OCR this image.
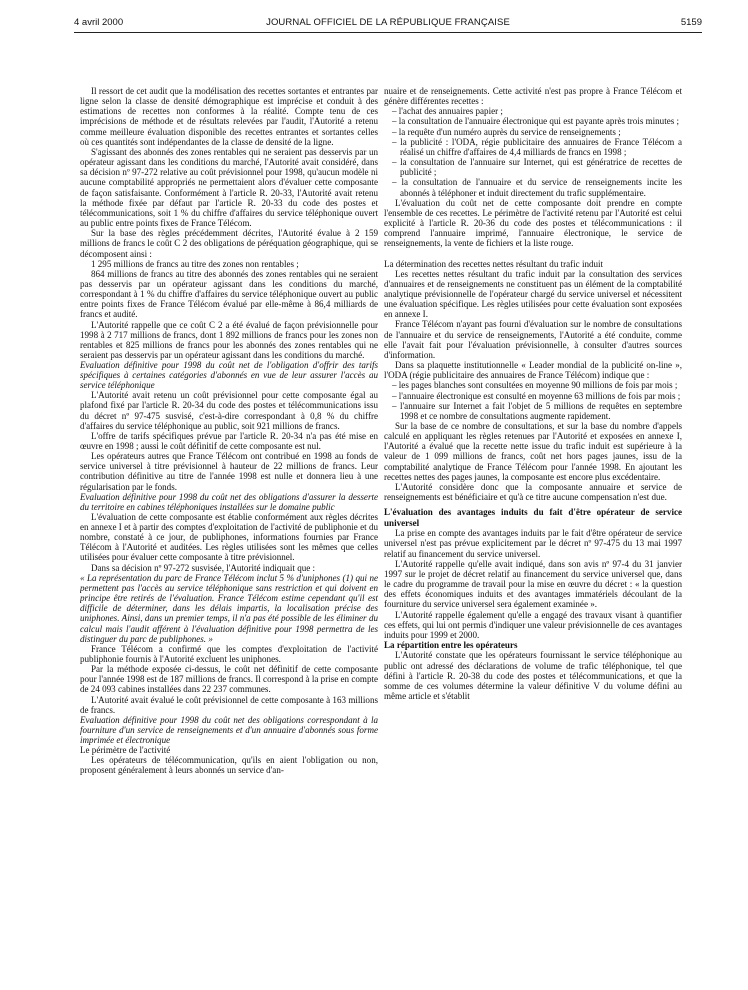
4 avril 2000	JOURNAL OFFICIEL DE LA RÉPUBLIQUE FRANÇAISE	5159

Il ressort de cet audit que la modélisation des recettes sortantes et entrantes par ligne selon la classe de densité démographique est imprécise et conduit à des estimations de recettes non conformes à la réalité. Compte tenu de ces imprécisions de méthode et de résultats relevées par l'audit, l'Autorité a retenu comme meilleure évaluation disponible des recettes entrantes et sortantes celles où ces quantités sont indépendantes de la classe de densité de la ligne.

S'agissant des abonnés des zones rentables qui ne seraient pas desservis par un opérateur agissant dans les conditions du marché, l'Autorité avait considéré, dans sa décision nº 97-272 relative au coût prévisionnel pour 1998, qu'aucun modèle ni aucune comptabilité appropriés ne permettaient alors d'évaluer cette composante de façon satisfaisante. Conformément à l'article R. 20-33, l'Autorité avait retenu la méthode fixée par défaut par l'article R. 20-33 du code des postes et télécommunications, soit 1 % du chiffre d'affaires du service téléphonique ouvert au public entre points fixes de France Télécom.

Sur la base des règles précédemment décrites, l'Autorité évalue à 2 159 millions de francs le coût C 2 des obligations de péréquation géographique, qui se décomposent ainsi :

1 295 millions de francs au titre des zones non rentables ;

864 millions de francs au titre des abonnés des zones rentables qui ne seraient pas desservis par un opérateur agissant dans les conditions du marché, correspondant à 1 % du chiffre d'affaires du service téléphonique ouvert au public entre points fixes de France Télécom évalué par elle-même à 86,4 milliards de francs et audité.

L'Autorité rappelle que ce coût C 2 a été évalué de façon prévisionnelle pour 1998 à 2 717 millions de francs, dont 1 892 millions de francs pour les zones non rentables et 825 millions de francs pour les abonnés des zones rentables qui ne seraient pas desservis par un opérateur agissant dans les conditions du marché.

Evaluation définitive pour 1998 du coût net de l'obligation d'offrir des tarifs spécifiques à certaines catégories d'abonnés en vue de leur assurer l'accès au service téléphonique

L'Autorité avait retenu un coût prévisionnel pour cette composante égal au plafond fixé par l'article R. 20-34 du code des postes et télécommunications issu du décret nº 97-475 susvisé, c'est-à-dire correspondant à 0,8 % du chiffre d'affaires du service téléphonique au public, soit 921 millions de francs.

L'offre de tarifs spécifiques prévue par l'article R. 20-34 n'a pas été mise en œuvre en 1998 ; aussi le coût définitif de cette composante est nul.

Les opérateurs autres que France Télécom ont contribué en 1998 au fonds de service universel à titre prévisionnel à hauteur de 22 millions de francs. Leur contribution définitive au titre de l'année 1998 est nulle et donnera lieu à une régularisation par le fonds.

Evaluation définitive pour 1998 du coût net des obligations d'assurer la desserte du territoire en cabines téléphoniques installées sur le domaine public

L'évaluation de cette composante est établie conformément aux règles décrites en annexe I et à partir des comptes d'exploitation de l'activité de publiphonie et du nombre, constaté à ce jour, de publiphones, informations fournies par France Télécom à l'Autorité et auditées. Les règles utilisées sont les mêmes que celles utilisées pour évaluer cette composante à titre prévisionnel.

Dans sa décision nº 97-272 susvisée, l'Autorité indiquait que :

« La représentation du parc de France Télécom inclut 5 % d'uniphones (1) qui ne permettent pas l'accès au service téléphonique sans restriction et qui doivent en principe être retirés de l'évaluation. France Télécom estime cependant qu'il est difficile de déterminer, dans les délais impartis, la localisation précise des uniphones. Ainsi, dans un premier temps, il n'a pas été possible de les éliminer du calcul mais l'audit afférent à l'évaluation définitive pour 1998 permettra de les distinguer du parc de publiphones. »

France Télécom a confirmé que les comptes d'exploitation de l'activité publiphonie fournis à l'Autorité excluent les uniphones.

Par la méthode exposée ci-dessus, le coût net définitif de cette composante pour l'année 1998 est de 187 millions de francs. Il correspond à la prise en compte de 24 093 cabines installées dans 22 237 communes.

L'Autorité avait évalué le coût prévisionnel de cette composante à 163 millions de francs.

Evaluation définitive pour 1998 du coût net des obligations correspondant à la fourniture d'un service de renseignements et d'un annuaire d'abonnés sous forme imprimée et électronique

Le périmètre de l'activité

Les opérateurs de télécommunication, qu'ils en aient l'obligation ou non, proposent généralement à leurs abonnés un service d'an-

nuaire et de renseignements. Cette activité n'est pas propre à France Télécom et génère différentes recettes :

– l'achat des annuaires papier ;

– la consultation de l'annuaire électronique qui est payante après trois minutes ;

– la requête d'un numéro auprès du service de renseignements ;

– la publicité : l'ODA, régie publicitaire des annuaires de France Télécom a réalisé un chiffre d'affaires de 4,4 milliards de francs en 1998 ;

– la consultation de l'annuaire sur Internet, qui est génératrice de recettes de publicité ;

– la consultation de l'annuaire et du service de renseignements incite les abonnés à téléphoner et induit directement du trafic supplémentaire.

L'évaluation du coût net de cette composante doit prendre en compte l'ensemble de ces recettes. Le périmètre de l'activité retenu par l'Autorité est celui explicité à l'article R. 20-36 du code des postes et télécommunications : il comprend l'annuaire imprimé, l'annuaire électronique, le service de renseignements, la vente de fichiers et la liste rouge.

La détermination des recettes nettes résultant du trafic induit

Les recettes nettes résultant du trafic induit par la consultation des services d'annuaires et de renseignements ne constituent pas un élément de la comptabilité analytique prévisionnelle de l'opérateur chargé du service universel et nécessitent une évaluation spécifique. Les règles utilisées pour cette évaluation sont exposées en annexe I.

France Télécom n'ayant pas fourni d'évaluation sur le nombre de consultations de l'annuaire et du service de renseignements, l'Autorité a été conduite, comme elle l'avait fait pour l'évaluation prévisionnelle, à consulter d'autres sources d'information.

Dans sa plaquette institutionnelle « Leader mondial de la publicité on-line », l'ODA (régie publicitaire des annuaires de France Télécom) indique que :

– les pages blanches sont consultées en moyenne 90 millions de fois par mois ;

– l'annuaire électronique est consulté en moyenne 63 millions de fois par mois ;

– l'annuaire sur Internet a fait l'objet de 5 millions de requêtes en septembre 1998 et ce nombre de consultations augmente rapidement.

Sur la base de ce nombre de consultations, et sur la base du nombre d'appels calculé en appliquant les règles retenues par l'Autorité et exposées en annexe I, l'Autorité a évalué que la recette nette issue du trafic induit est supérieure à la valeur de 1 099 millions de francs, coût net hors pages jaunes, issu de la comptabilité analytique de France Télécom pour l'année 1998. En ajoutant les recettes nettes des pages jaunes, la composante est encore plus excédentaire.

L'Autorité considère donc que la composante annuaire et service de renseignements est bénéficiaire et qu'à ce titre aucune compensation n'est due.

L'évaluation des avantages induits du fait d'être opérateur de service universel

La prise en compte des avantages induits par le fait d'être opérateur de service universel n'est pas prévue explicitement par le décret nº 97-475 du 13 mai 1997 relatif au financement du service universel.

L'Autorité rappelle qu'elle avait indiqué, dans son avis nº 97-4 du 31 janvier 1997 sur le projet de décret relatif au financement du service universel que, dans le cadre du programme de travail pour la mise en œuvre du décret : « la question des effets économiques induits et des avantages immatériels découlant de la fourniture du service universel sera également examinée ».

L'Autorité rappelle également qu'elle a engagé des travaux visant à quantifier ces effets, qui lui ont permis d'indiquer une valeur prévisionnelle de ces avantages induits pour 1999 et 2000.

La répartition entre les opérateurs

L'Autorité constate que les opérateurs fournissant le service téléphonique au public ont adressé des déclarations de volume de trafic téléphonique, tel que défini à l'article R. 20-38 du code des postes et télécommunications, et que la somme de ces volumes détermine la valeur définitive V du volume défini au même article et s'établit
